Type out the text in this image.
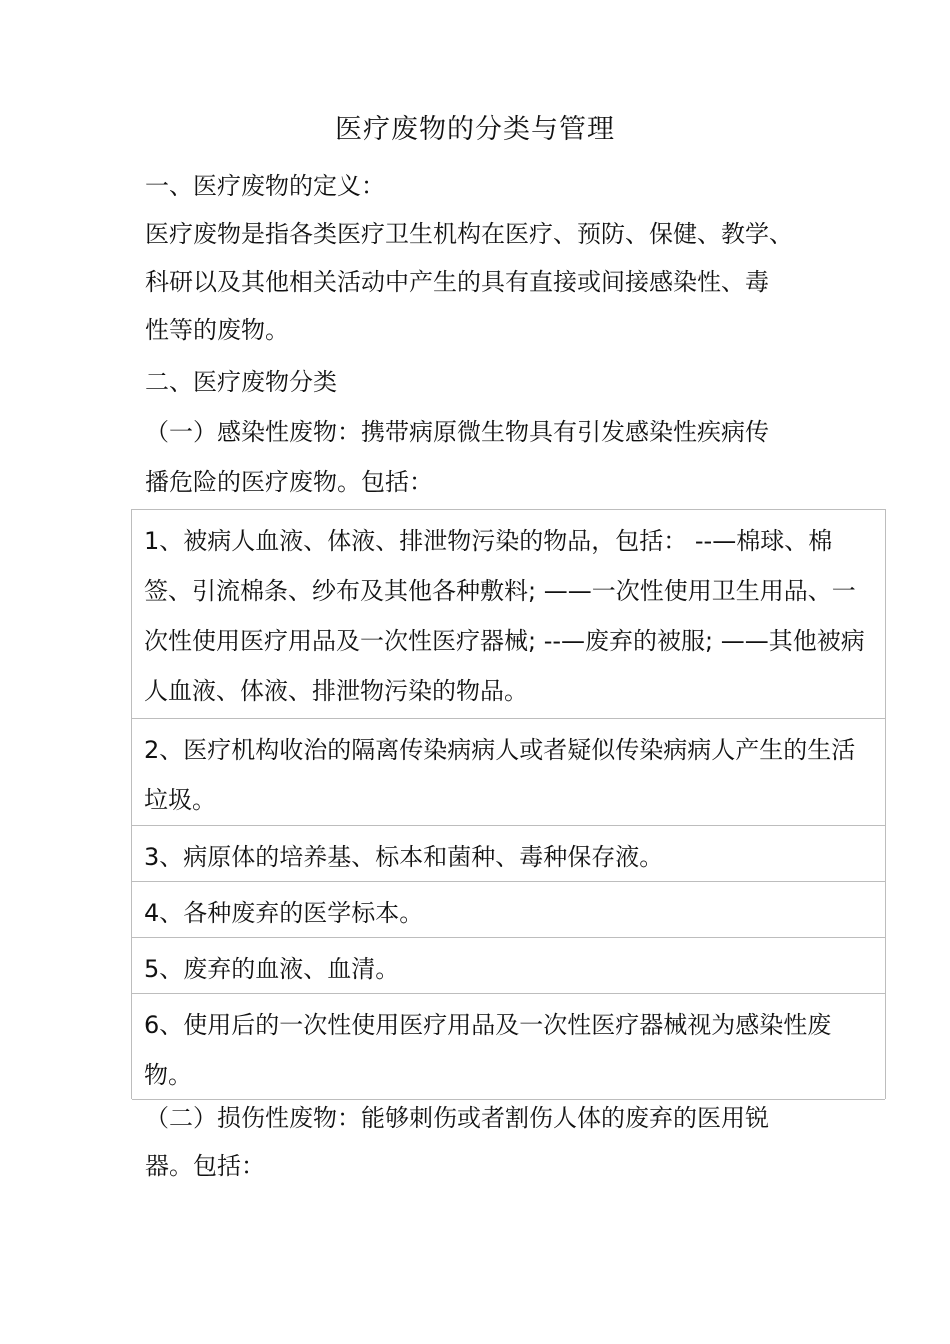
医疗废物的分类与管理
一、医疗废物的定义：
医疗废物是指各类医疗卫生机构在医疗、预防、保健、教学、
科研以及其他相关活动中产生的具有直接或间接感染性、毒
性等的废物。
二、医疗废物分类
（一）感染性废物：携带病原微生物具有引发感染性疾病传
播危险的医疗废物。包括：
1、被病人血液、体液、排泄物污染的物品，包括： --—棉球、棉签、引流棉条、纱布及其他各种敷料; ——一次性使用卫生用品、一次性使用医疗用品及一次性医疗器械; --—废弃的被服; ——其他被病人血液、体液、排泄物污染的物品。
2、医疗机构收治的隔离传染病病人或者疑似传染病病人产生的生活垃圾。
3、病原体的培养基、标本和菌种、毒种保存液。
4、各种废弃的医学标本。
5、废弃的血液、血清。
6、使用后的一次性使用医疗用品及一次性医疗器械视为感染性废物。
（二）损伤性废物：能够刺伤或者割伤人体的废弃的医用锐
器。包括：
